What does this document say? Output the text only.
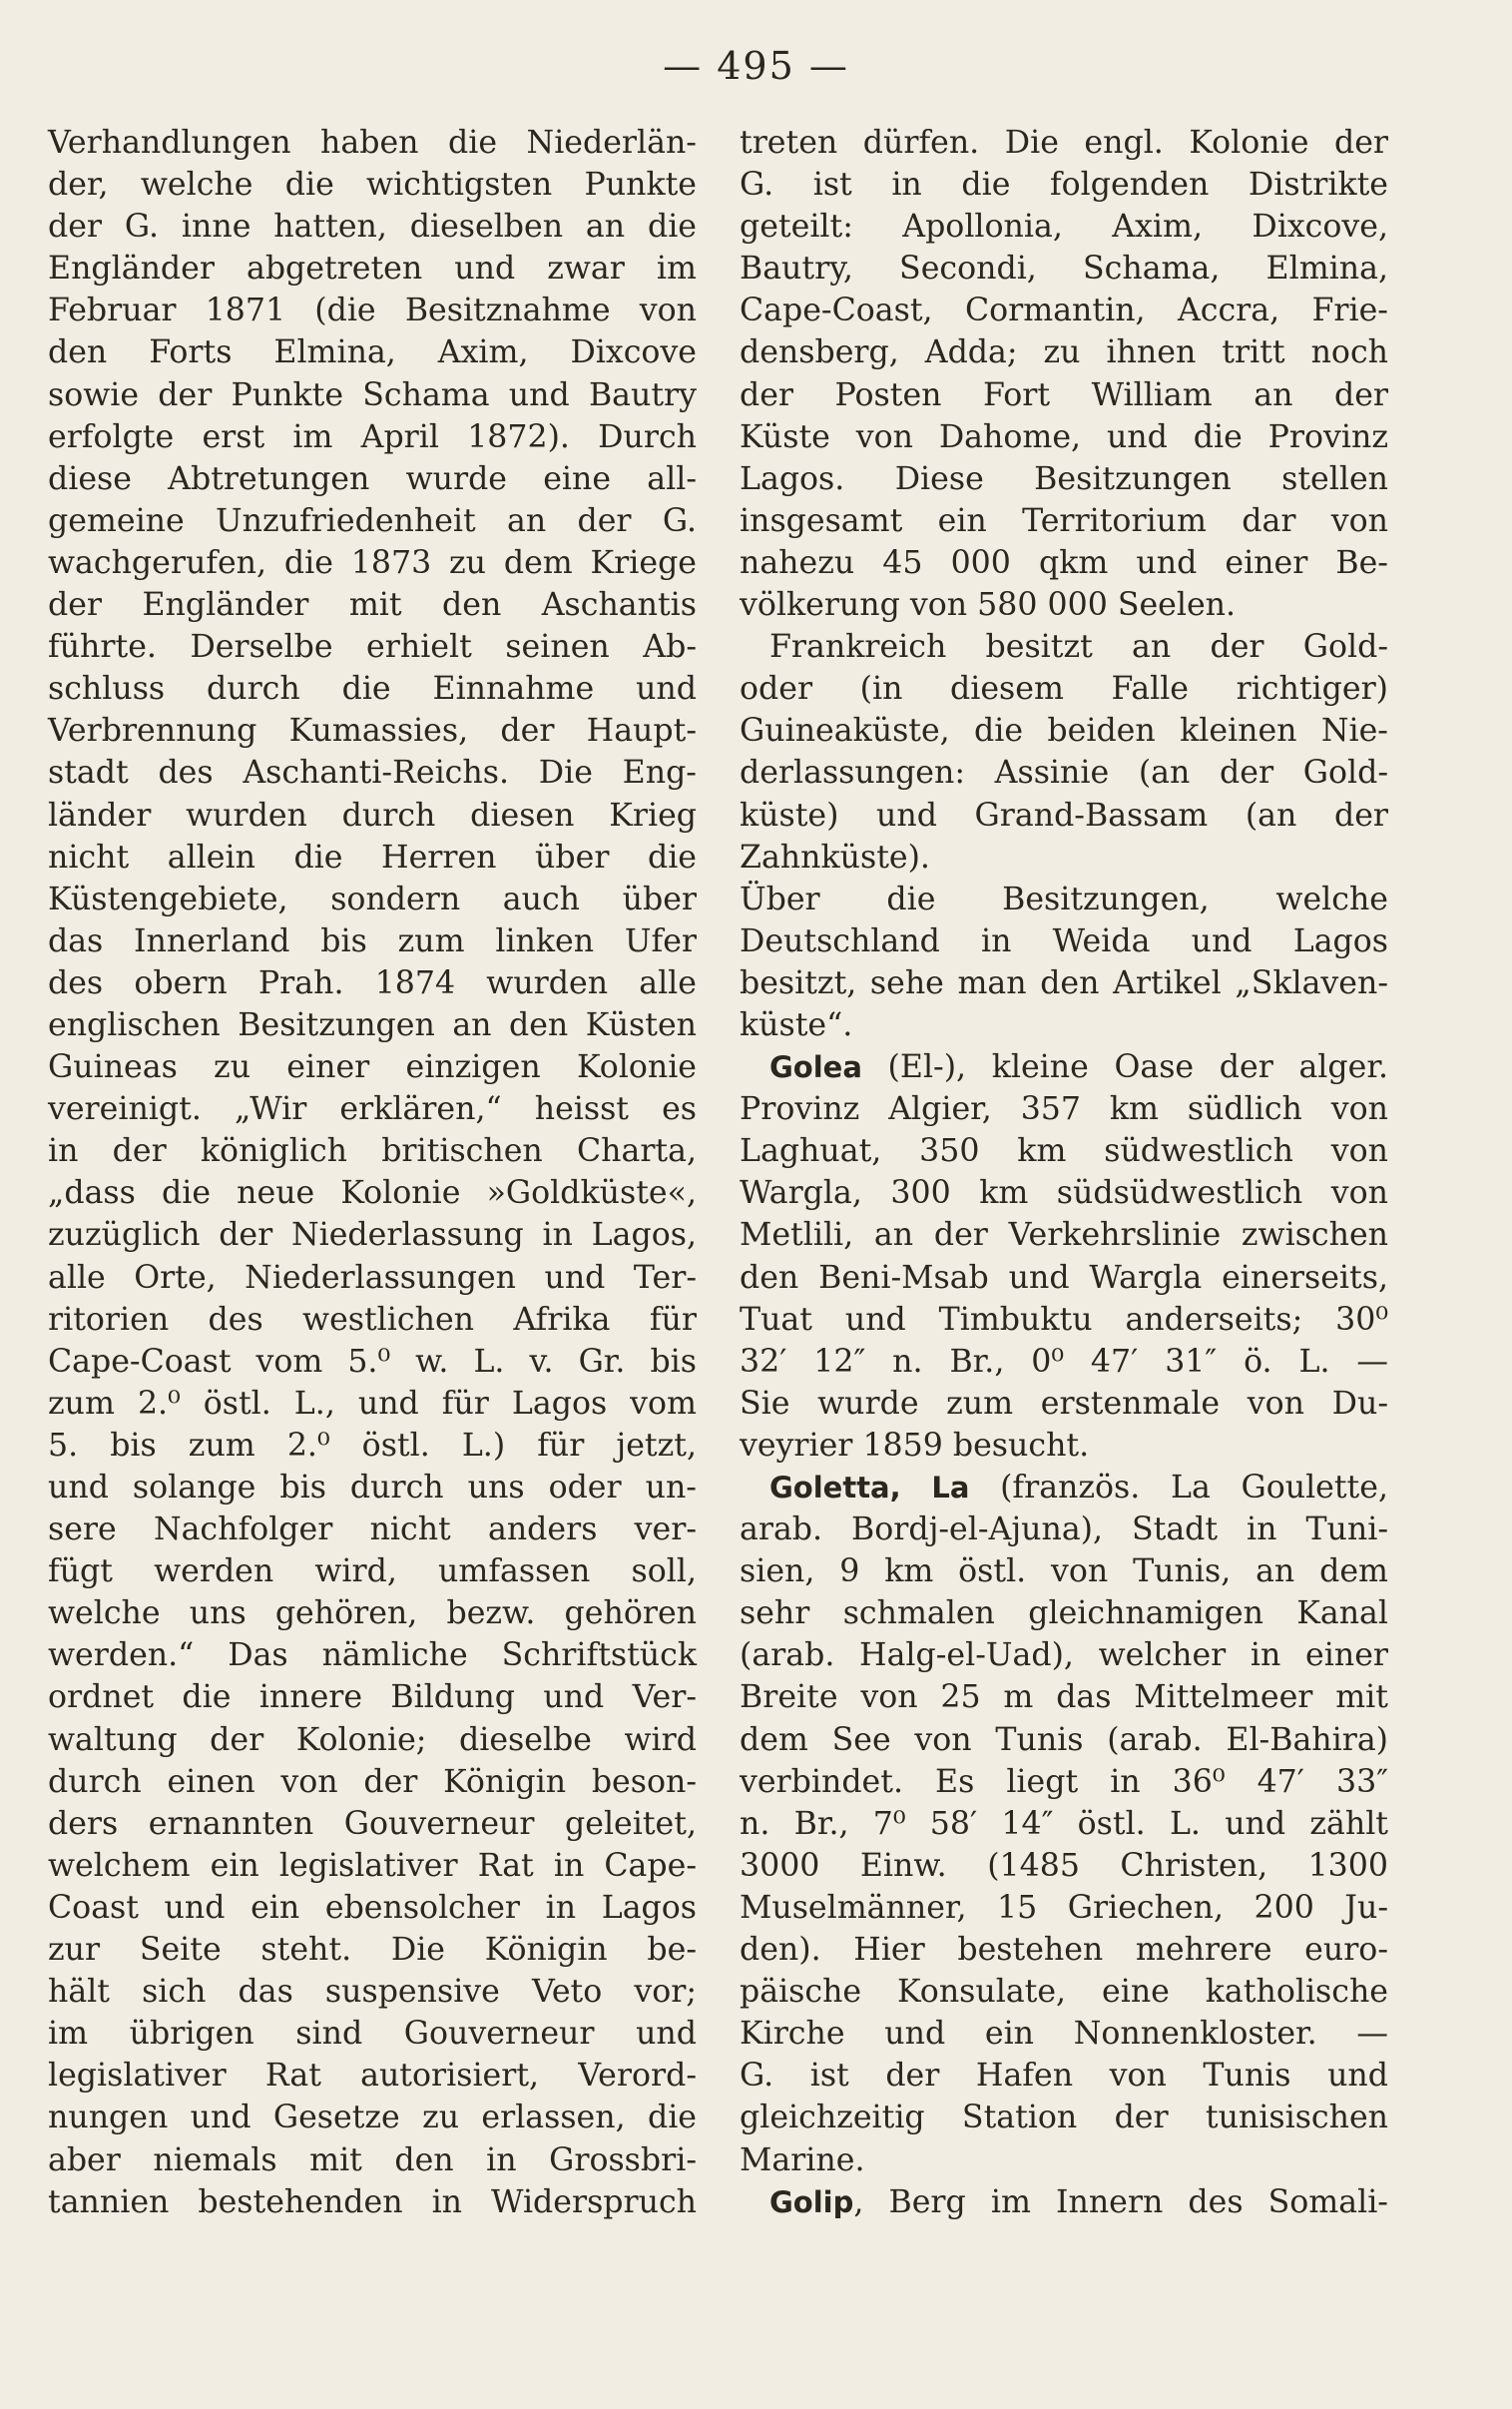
— 495 —
Verhandlungen haben die Niederlän-
der, welche die wichtigsten Punkte
der G. inne hatten, dieselben an die
Engländer abgetreten und zwar im
Februar 1871 (die Besitznahme von
den Forts Elmina, Axim, Dixcove
sowie der Punkte Schama und Bautry
erfolgte erst im April 1872). Durch
diese Abtretungen wurde eine all-
gemeine Unzufriedenheit an der G.
wachgerufen, die 1873 zu dem Kriege
der Engländer mit den Aschantis
führte. Derselbe erhielt seinen Ab-
schluss durch die Einnahme und
Verbrennung Kumassies, der Haupt-
stadt des Aschanti-Reichs. Die Eng-
länder wurden durch diesen Krieg
nicht allein die Herren über die
Küstengebiete, sondern auch über
das Innerland bis zum linken Ufer
des obern Prah. 1874 wurden alle
englischen Besitzungen an den Küsten
Guineas zu einer einzigen Kolonie
vereinigt. „Wir erklären,“ heisst es
in der königlich britischen Charta,
„dass die neue Kolonie »Goldküste«,
zuzüglich der Niederlassung in Lagos,
alle Orte, Niederlassungen und Ter-
ritorien des westlichen Afrika für
Cape-Coast vom 5.⁰ w. L. v. Gr. bis
zum 2.⁰ östl. L., und für Lagos vom
5. bis zum 2.⁰ östl. L.) für jetzt,
und solange bis durch uns oder un-
sere Nachfolger nicht anders ver-
fügt werden wird, umfassen soll,
welche uns gehören, bezw. gehören
werden.“ Das nämliche Schriftstück
ordnet die innere Bildung und Ver-
waltung der Kolonie; dieselbe wird
durch einen von der Königin beson-
ders ernannten Gouverneur geleitet,
welchem ein legislativer Rat in Cape-
Coast und ein ebensolcher in Lagos
zur Seite steht. Die Königin be-
hält sich das suspensive Veto vor;
im übrigen sind Gouverneur und
legislativer Rat autorisiert, Verord-
nungen und Gesetze zu erlassen, die
aber niemals mit den in Grossbri-
tannien bestehenden in Widerspruch
treten dürfen. Die engl. Kolonie der
G. ist in die folgenden Distrikte
geteilt: Apollonia, Axim, Dixcove,
Bautry, Secondi, Schama, Elmina,
Cape-Coast, Cormantin, Accra, Frie-
densberg, Adda; zu ihnen tritt noch
der Posten Fort William an der
Küste von Dahome, und die Provinz
Lagos. Diese Besitzungen stellen
insgesamt ein Territorium dar von
nahezu 45 000 qkm und einer Be-
völkerung von 580 000 Seelen.
Frankreich besitzt an der Gold-
oder (in diesem Falle richtiger)
Guineaküste, die beiden kleinen Nie-
derlassungen: Assinie (an der Gold-
küste) und Grand-Bassam (an der
Zahnküste).
Über die Besitzungen, welche
Deutschland in Weida und Lagos
besitzt, sehe man den Artikel „Sklaven-
küste“.
Golea (El-), kleine Oase der alger.
Provinz Algier, 357 km südlich von
Laghuat, 350 km südwestlich von
Wargla, 300 km südsüdwestlich von
Metlili, an der Verkehrslinie zwischen
den Beni-Msab und Wargla einerseits,
Tuat und Timbuktu anderseits; 30⁰
32′ 12″ n. Br., 0⁰ 47′ 31″ ö. L. —
Sie wurde zum erstenmale von Du-
veyrier 1859 besucht.
Goletta, La (französ. La Goulette,
arab. Bordj-el-Ajuna), Stadt in Tuni-
sien, 9 km östl. von Tunis, an dem
sehr schmalen gleichnamigen Kanal
(arab. Halg-el-Uad), welcher in einer
Breite von 25 m das Mittelmeer mit
dem See von Tunis (arab. El-Bahira)
verbindet. Es liegt in 36⁰ 47′ 33″
n. Br., 7⁰ 58′ 14″ östl. L. und zählt
3000 Einw. (1485 Christen, 1300
Muselmänner, 15 Griechen, 200 Ju-
den). Hier bestehen mehrere euro-
päische Konsulate, eine katholische
Kirche und ein Nonnenkloster. —
G. ist der Hafen von Tunis und
gleichzeitig Station der tunisischen
Marine.
Golip, Berg im Innern des Somali-
